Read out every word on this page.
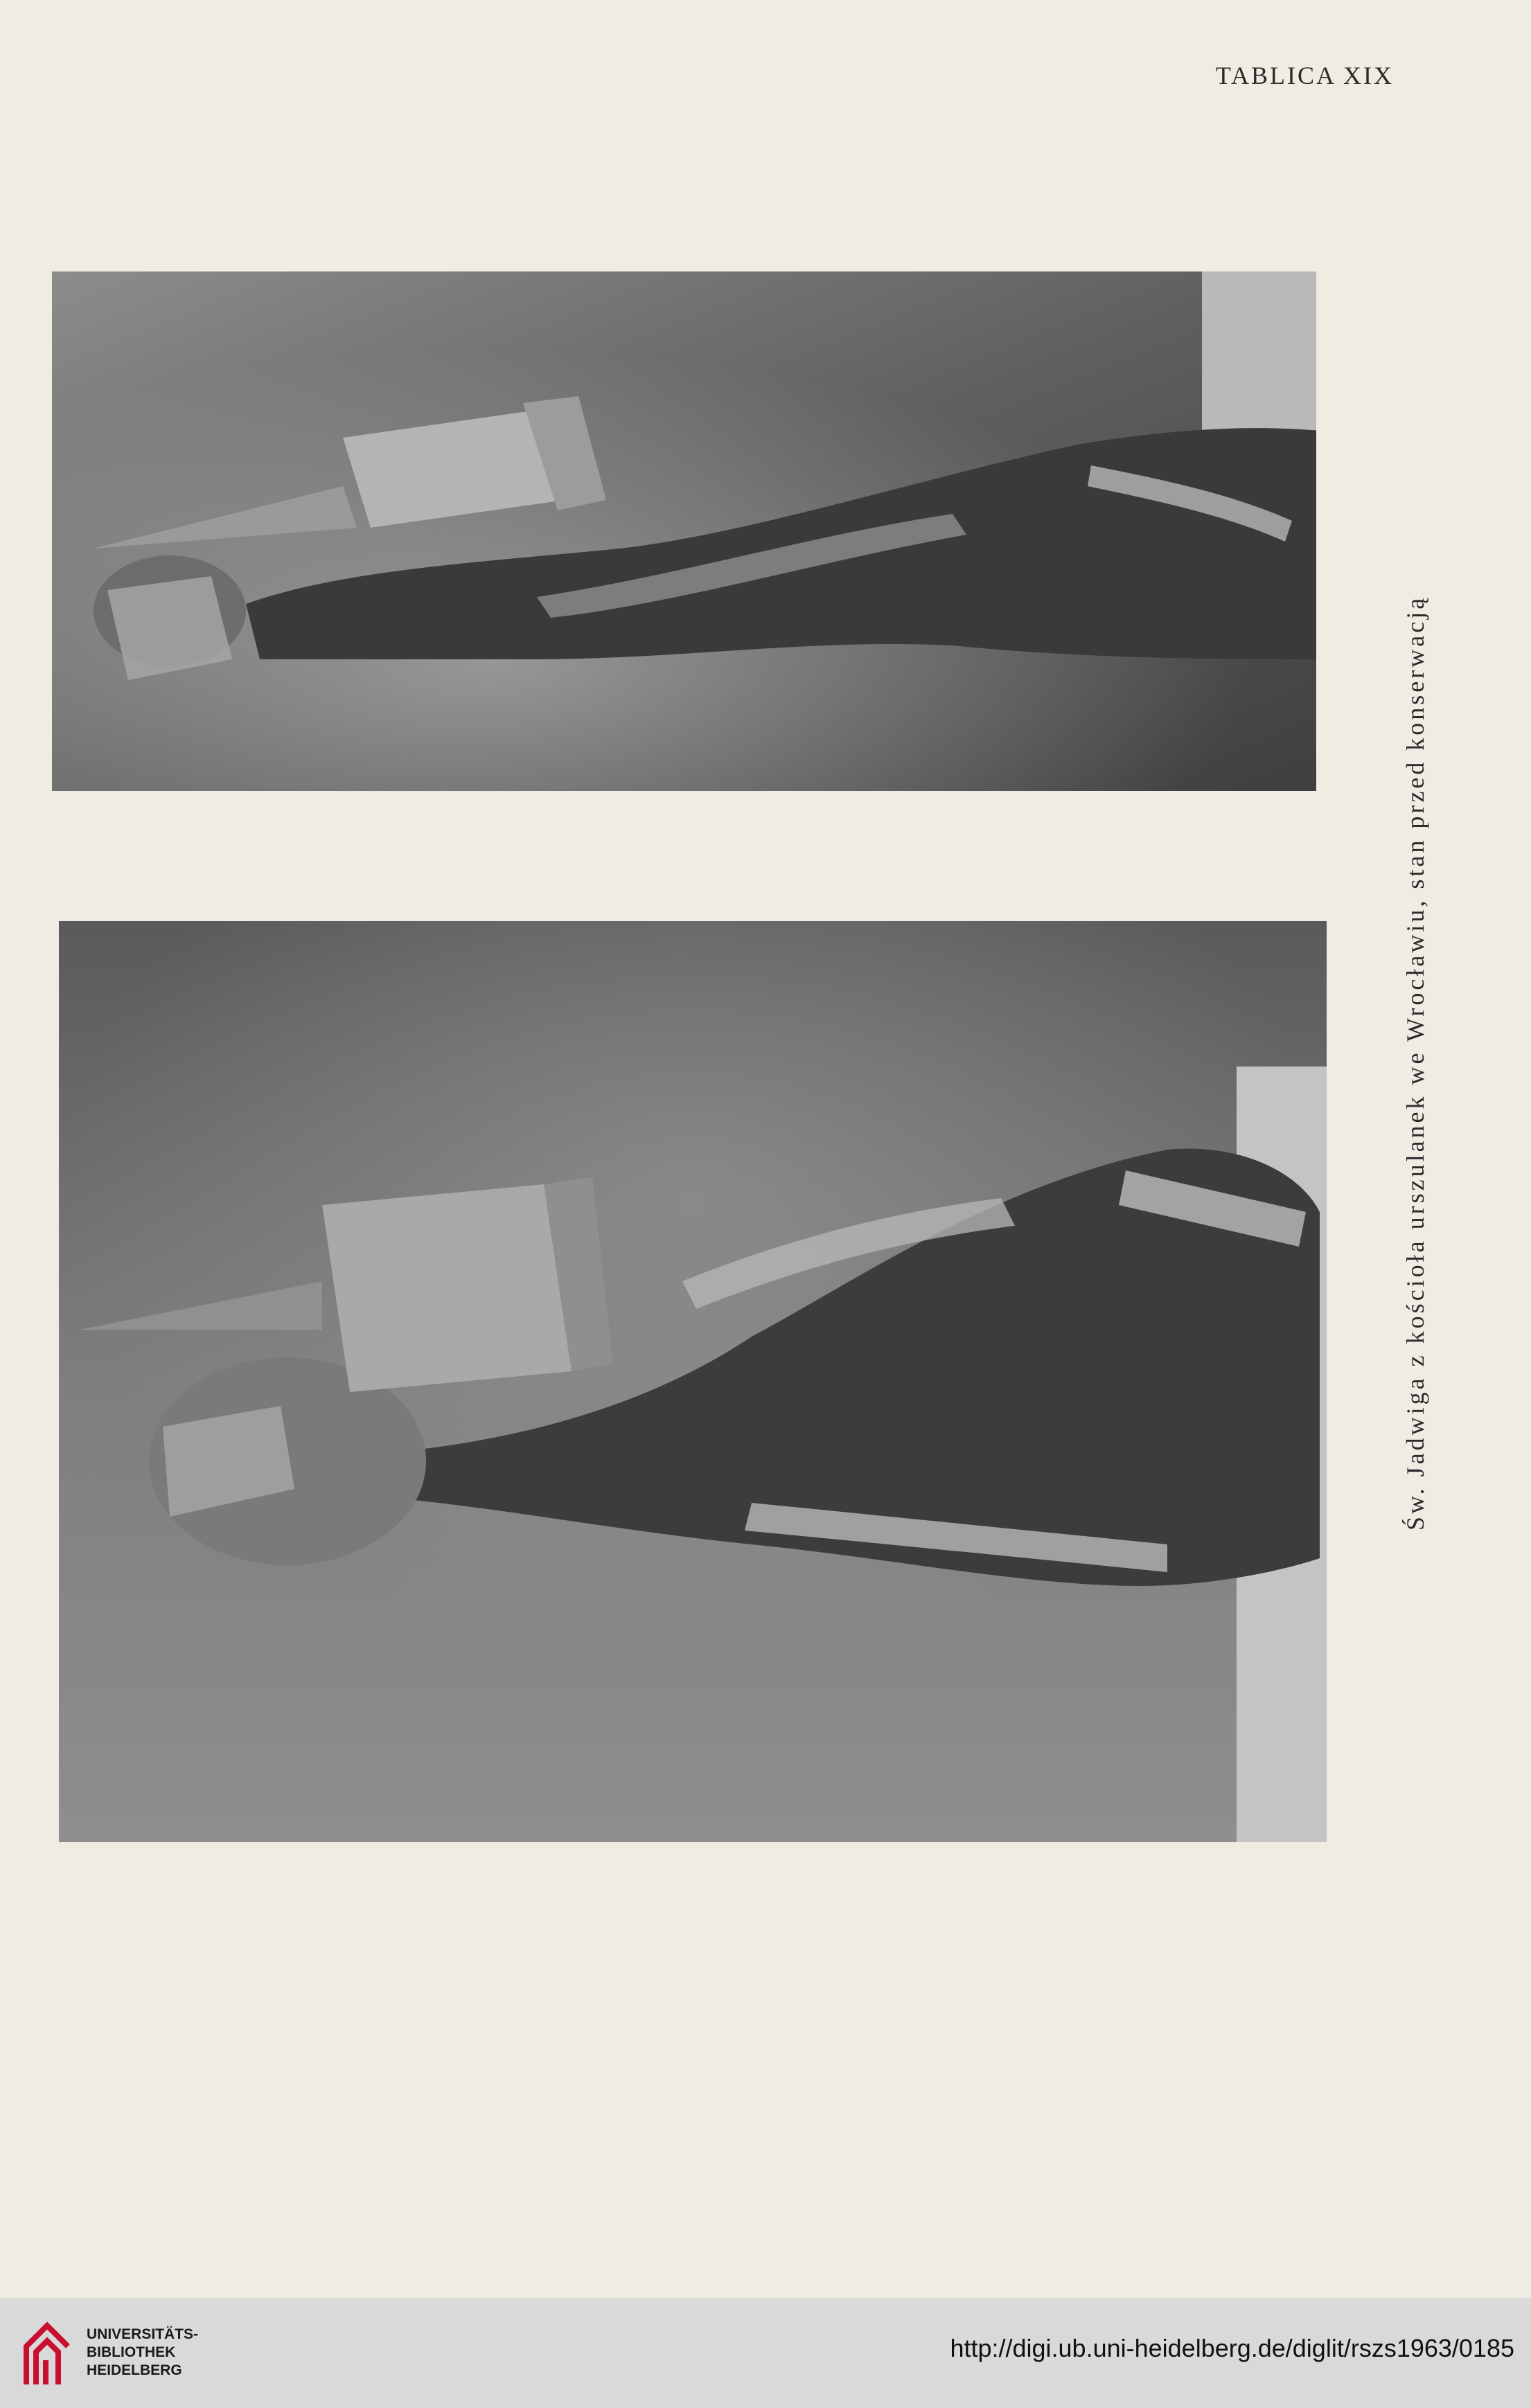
TABLICA XIX
Św. Jadwiga z kościoła urszulanek we Wrocławiu, stan przed konserwacją
UNIVERSITÄTS-
BIBLIOTHEK
HEIDELBERG
http://digi.ub.uni-heidelberg.de/diglit/rszs1963/0185
